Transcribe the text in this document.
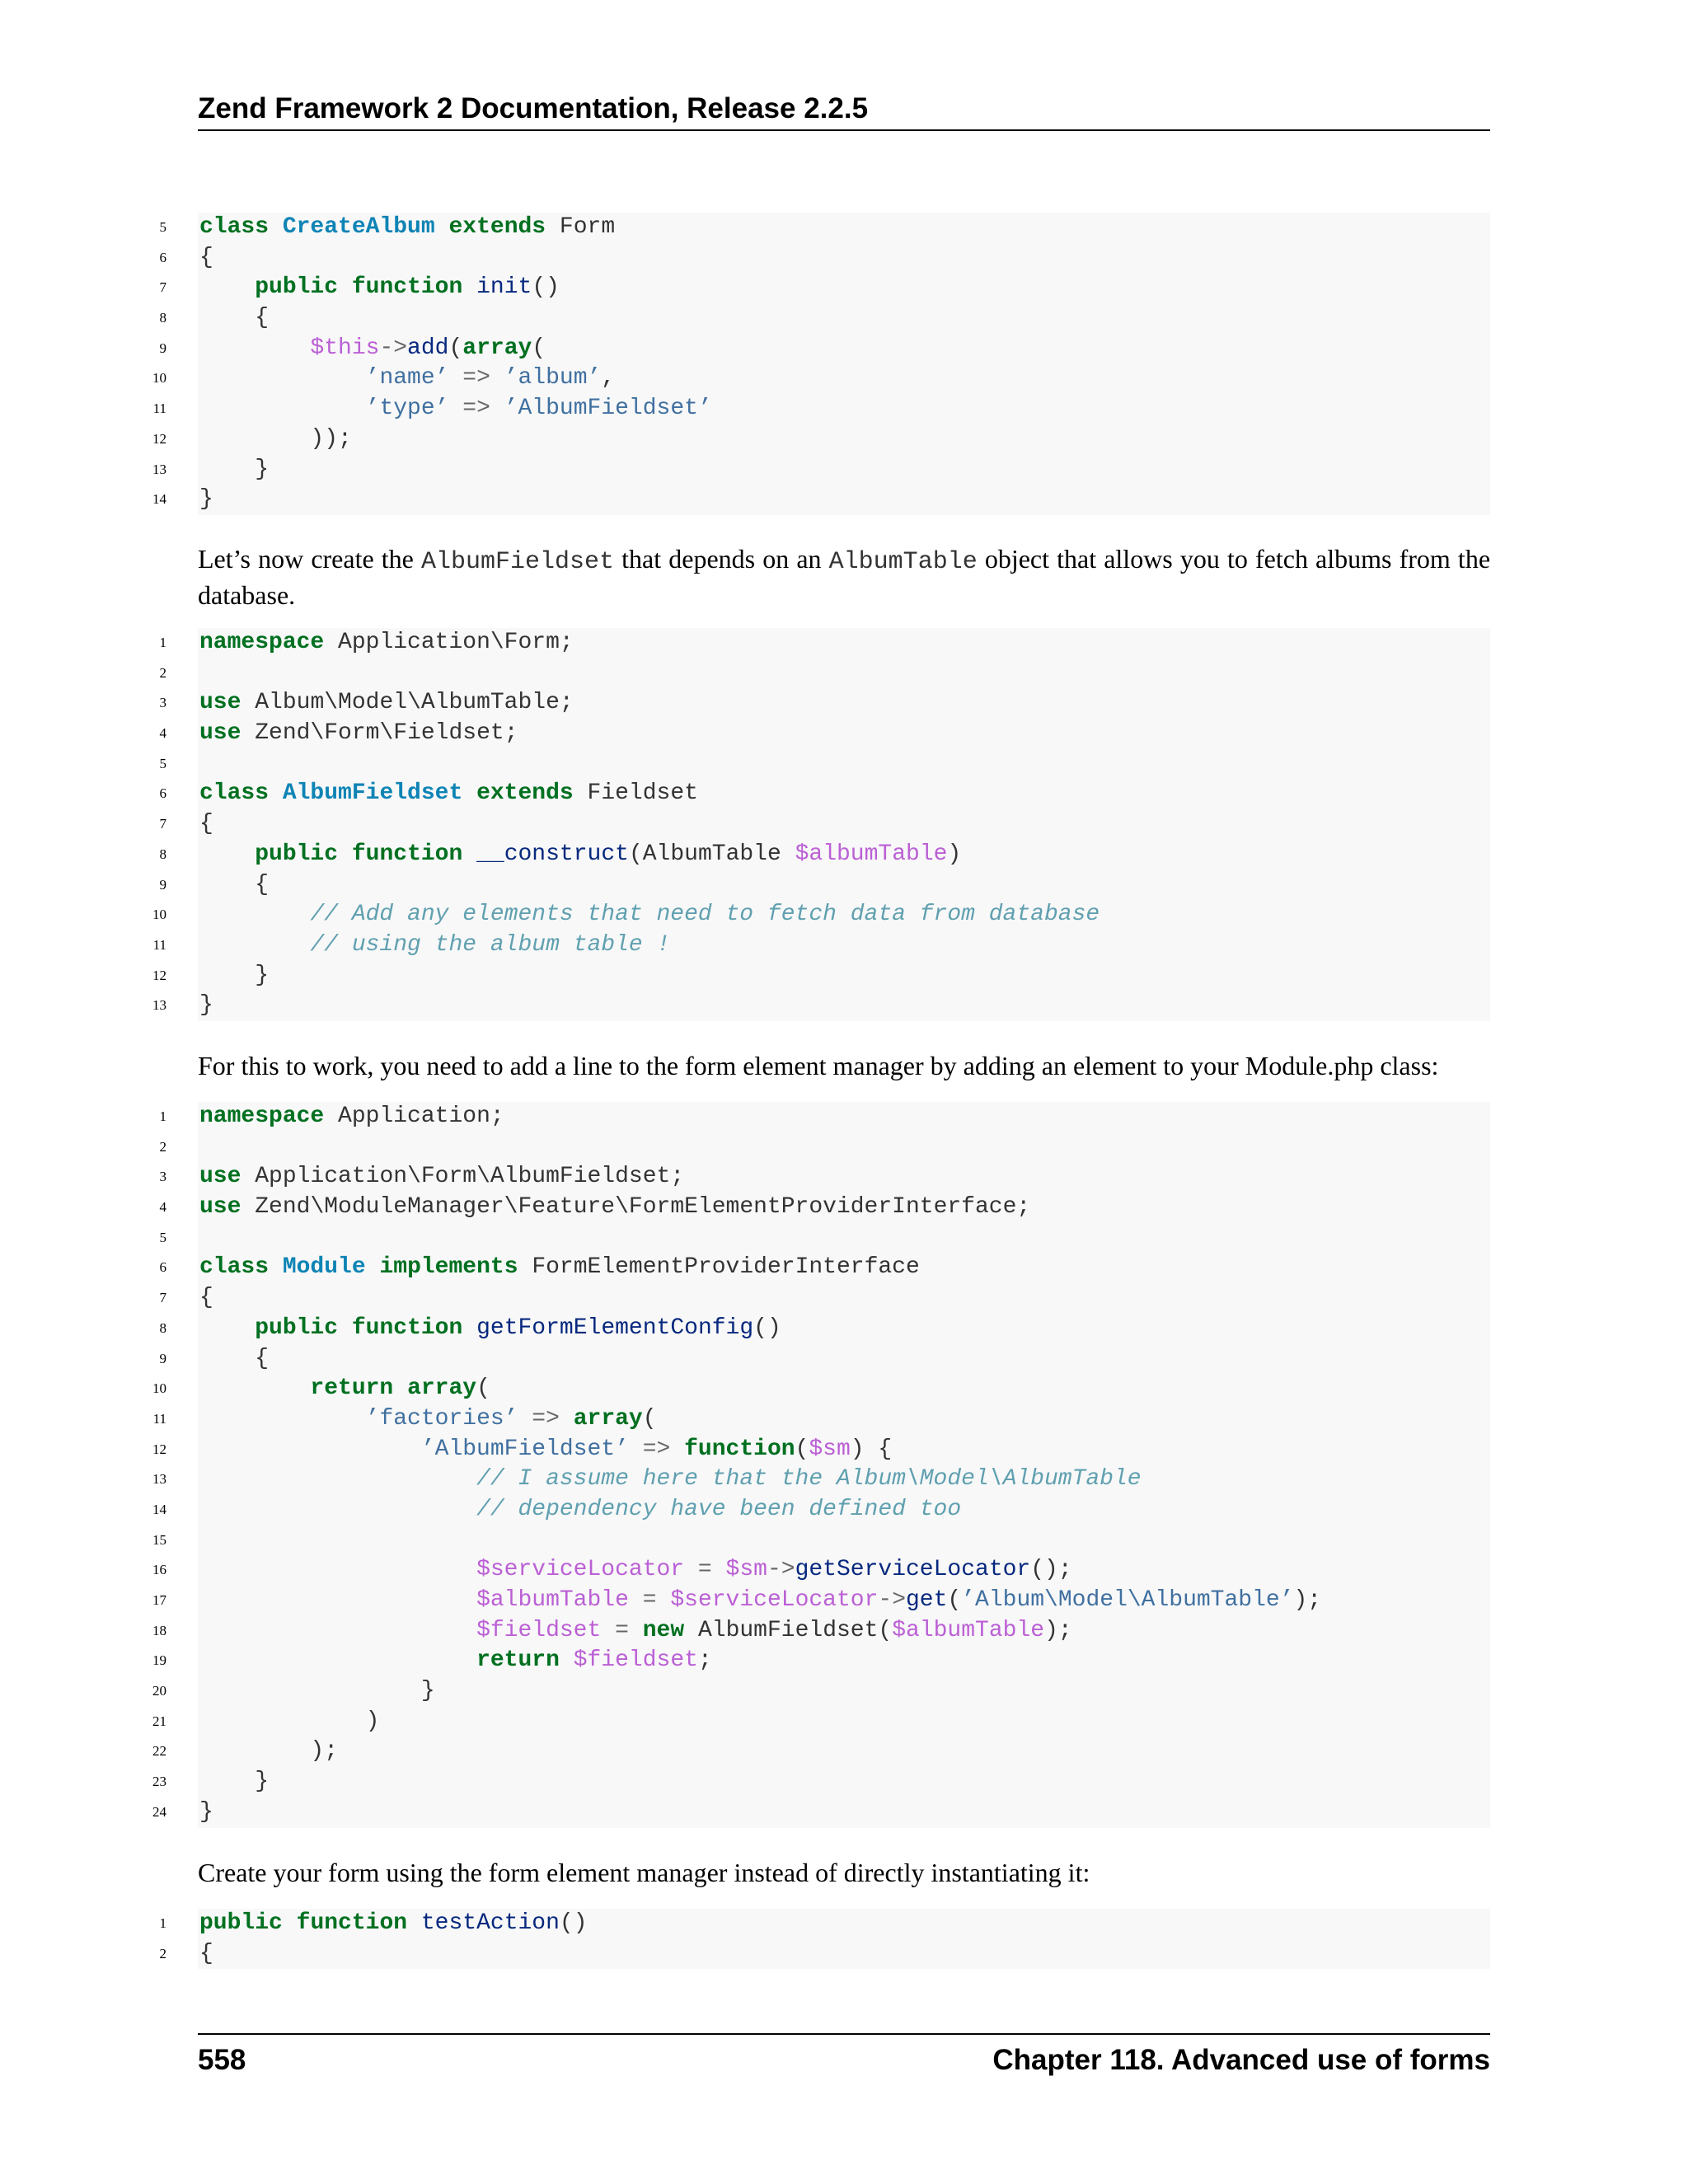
Zend Framework 2 Documentation, Release 2.2.5
5 class CreateAlbum extends Form
6 {
7	public function init()
8 {
9	$this->add(array(
10	’name’ => ’album’,
11	’type’ => ’AlbumFieldset’
12 ));
13 }
14 }
Let’s now create the AlbumFieldset that depends on an AlbumTable object that allows you to fetch albums from the database.
1 namespace Application\Form;
2
3 use Album\Model\AlbumTable;
4 use Zend\Form\Fieldset;
5
6 class AlbumFieldset extends Fieldset
7 {
8	public function __construct(AlbumTable $albumTable)
9 {
10	// Add any elements that need to fetch data from database
11	// using the album table !
12 }
13 }
For this to work, you need to add a line to the form element manager by adding an element to your Module.php class:
1 namespace Application;
2
3 use Application\Form\AlbumFieldset;
4 use Zend\ModuleManager\Feature\FormElementProviderInterface;
5
6 class Module implements FormElementProviderInterface
7 {
8	public function getFormElementConfig()
9 {
10	return array(
11	’factories’ => array(
12	’AlbumFieldset’ => function($sm) {
13	// I assume here that the Album\Model\AlbumTable
14	// dependency have been defined too
15
16	$serviceLocator = $sm->getServiceLocator();
17	$albumTable = $serviceLocator->get(’Album\Model\AlbumTable’);
18	$fieldset = new AlbumFieldset($albumTable);
19	return $fieldset;
20 }
21 )
22 );
23 }
24 }
Create your form using the form element manager instead of directly instantiating it:
1 public function testAction()
2 {
558	Chapter 118. Advanced use of forms
